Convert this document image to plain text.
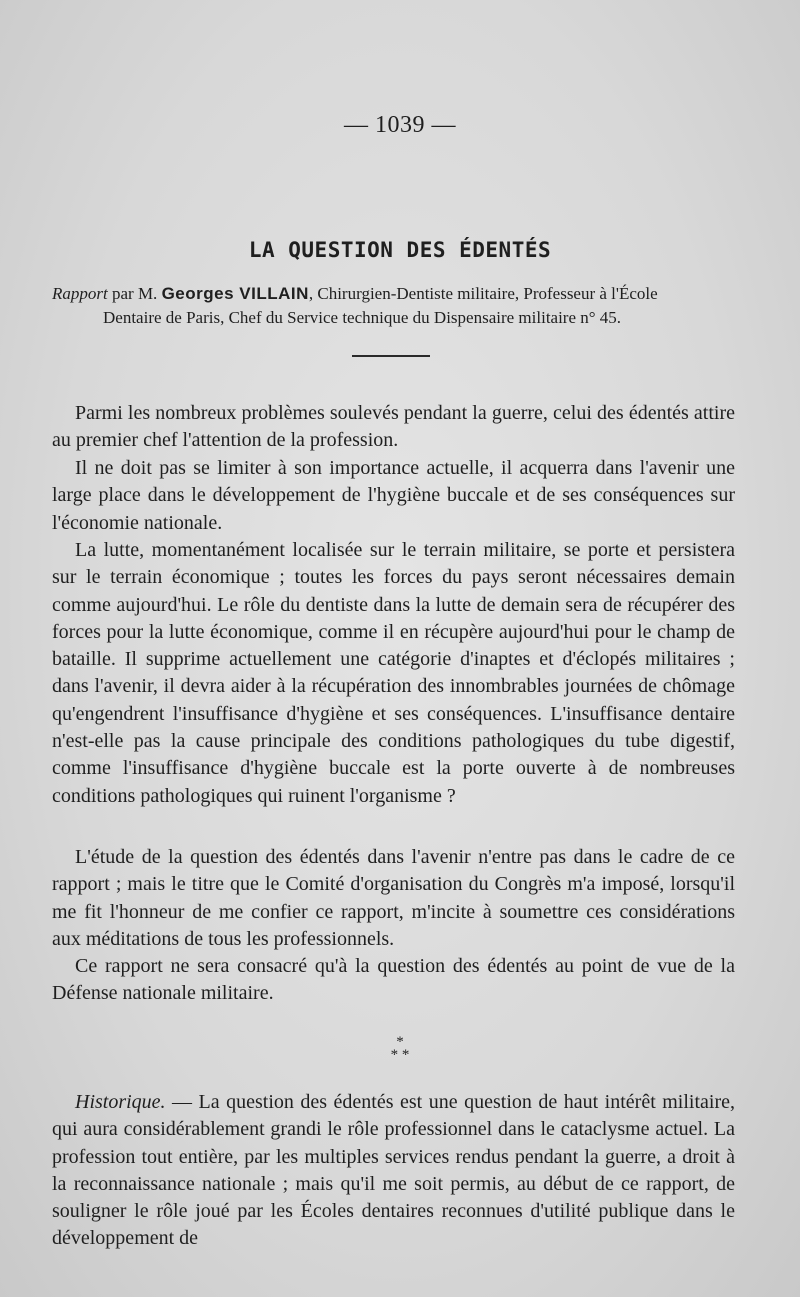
— 1039 —
LA QUESTION DES ÉDENTÉS
Rapport par M. Georges VILLAIN, Chirurgien-Dentiste militaire, Professeur à l'École
Dentaire de Paris, Chef du Service technique du Dispensaire militaire n° 45.

Parmi les nombreux problèmes soulevés pendant la guerre, celui des édentés attire au premier chef l'attention de la profession.

Il ne doit pas se limiter à son importance actuelle, il acquerra dans l'avenir une large place dans le développement de l'hygiène buccale et de ses conséquences sur l'économie nationale.

La lutte, momentanément localisée sur le terrain militaire, se porte et persistera sur le terrain économique ; toutes les forces du pays seront nécessaires demain comme aujourd'hui. Le rôle du dentiste dans la lutte de demain sera de récupérer des forces pour la lutte économique, comme il en récupère aujourd'hui pour le champ de bataille. Il supprime actuellement une catégorie d'inaptes et d'éclopés militaires ; dans l'avenir, il devra aider à la récupération des innombrables journées de chômage qu'engendrent l'insuffisance d'hygiène et ses conséquences. L'insuffisance dentaire n'est-elle pas la cause principale des conditions pathologiques du tube digestif, comme l'insuffisance d'hygiène buccale est la porte ouverte à de nombreuses conditions pathologiques qui ruinent l'organisme ?

L'étude de la question des édentés dans l'avenir n'entre pas dans le cadre de ce rapport ; mais le titre que le Comité d'organisation du Congrès m'a imposé, lorsqu'il me fit l'honneur de me confier ce rapport, m'incite à soumettre ces considérations aux méditations de tous les professionnels.

Ce rapport ne sera consacré qu'à la question des édentés au point de vue de la Défense nationale militaire.

*
* *

Historique. — La question des édentés est une question de haut intérêt militaire, qui aura considérablement grandi le rôle professionnel dans le cataclysme actuel. La profession tout entière, par les multiples services rendus pendant la guerre, a droit à la reconnaissance nationale ; mais qu'il me soit permis, au début de ce rapport, de souligner le rôle joué par les Écoles dentaires reconnues d'utilité publique dans le développement de
